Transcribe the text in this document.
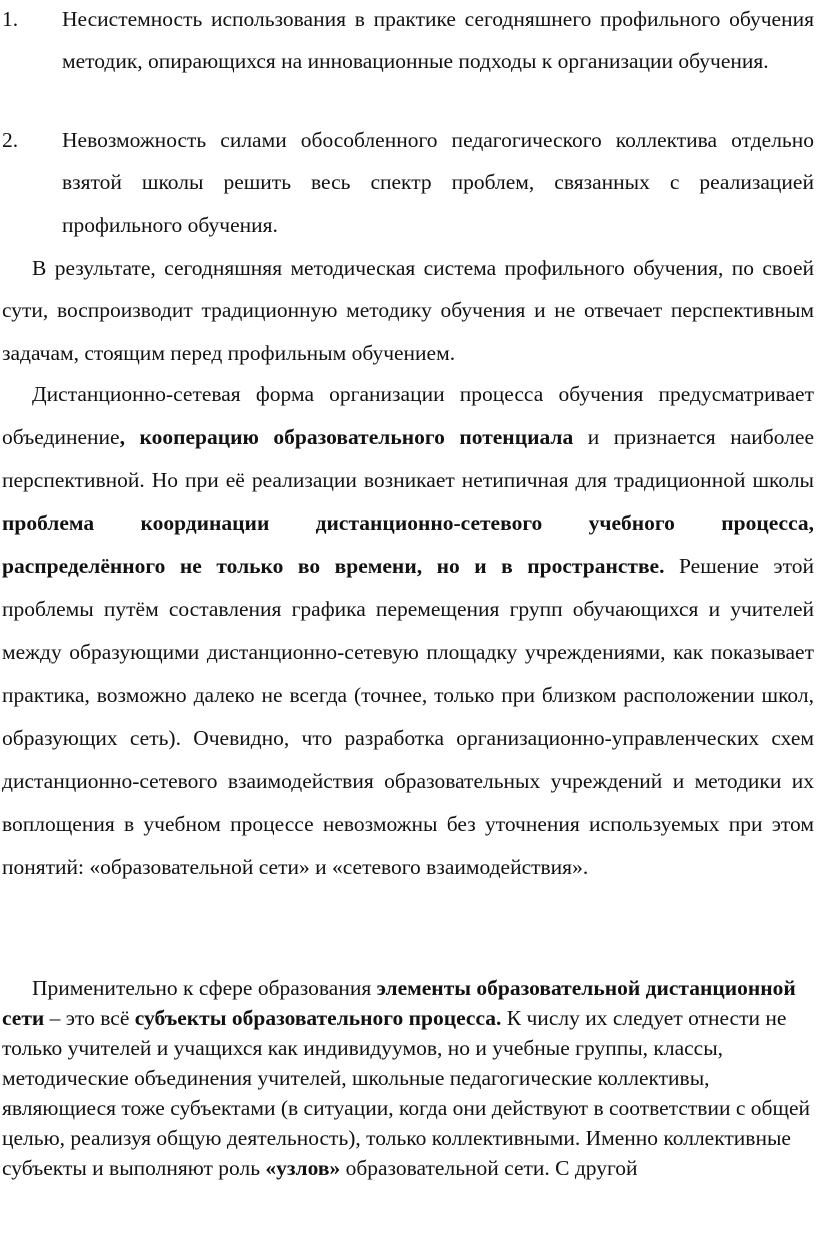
1. Несистемность использования в практике сегодняшнего профильного обучения методик, опирающихся на инновационные подходы к организации обучения.

2. Невозможность силами обособленного педагогического коллектива отдельно взятой школы решить весь спектр проблем, связанных с реализацией профильного обучения.

В результате, сегодняшняя методическая система профильного обучения, по своей сути, воспроизводит традиционную методику обучения и не отвечает перспективным задачам, стоящим перед профильным обучением.

Дистанционно-сетевая форма организации процесса обучения предусматривает объединение, кооперацию образовательного потенциала и признается наиболее перспективной. Но при её реализации возникает нетипичная для традиционной школы проблема координации дистанционно-сетевого учебного процесса, распределённого не только во времени, но и в пространстве. Решение этой проблемы путём составления графика перемещения групп обучающихся и учителей между образующими дистанционно-сетевую площадку учреждениями, как показывает практика, возможно далеко не всегда (точнее, только при близком расположении школ, образующих сеть). Очевидно, что разработка организационно-управленческих схем дистанционно-сетевого взаимодействия образовательных учреждений и методики их воплощения в учебном процессе невозможны без уточнения используемых при этом понятий: «образовательной сети» и «сетевого взаимодействия».

Применительно к сфере образования элементы образовательной дистанционной сети – это всё субъекты образовательного процесса. К числу их следует отнести не только учителей и учащихся как индивидуумов, но и учебные группы, классы, методические объединения учителей, школьные педагогические коллективы, являющиеся тоже субъектами (в ситуации, когда они действуют в соответствии с общей целью, реализуя общую деятельность), только коллективными. Именно коллективные субъекты и выполняют роль «узлов» образовательной сети. С другой
